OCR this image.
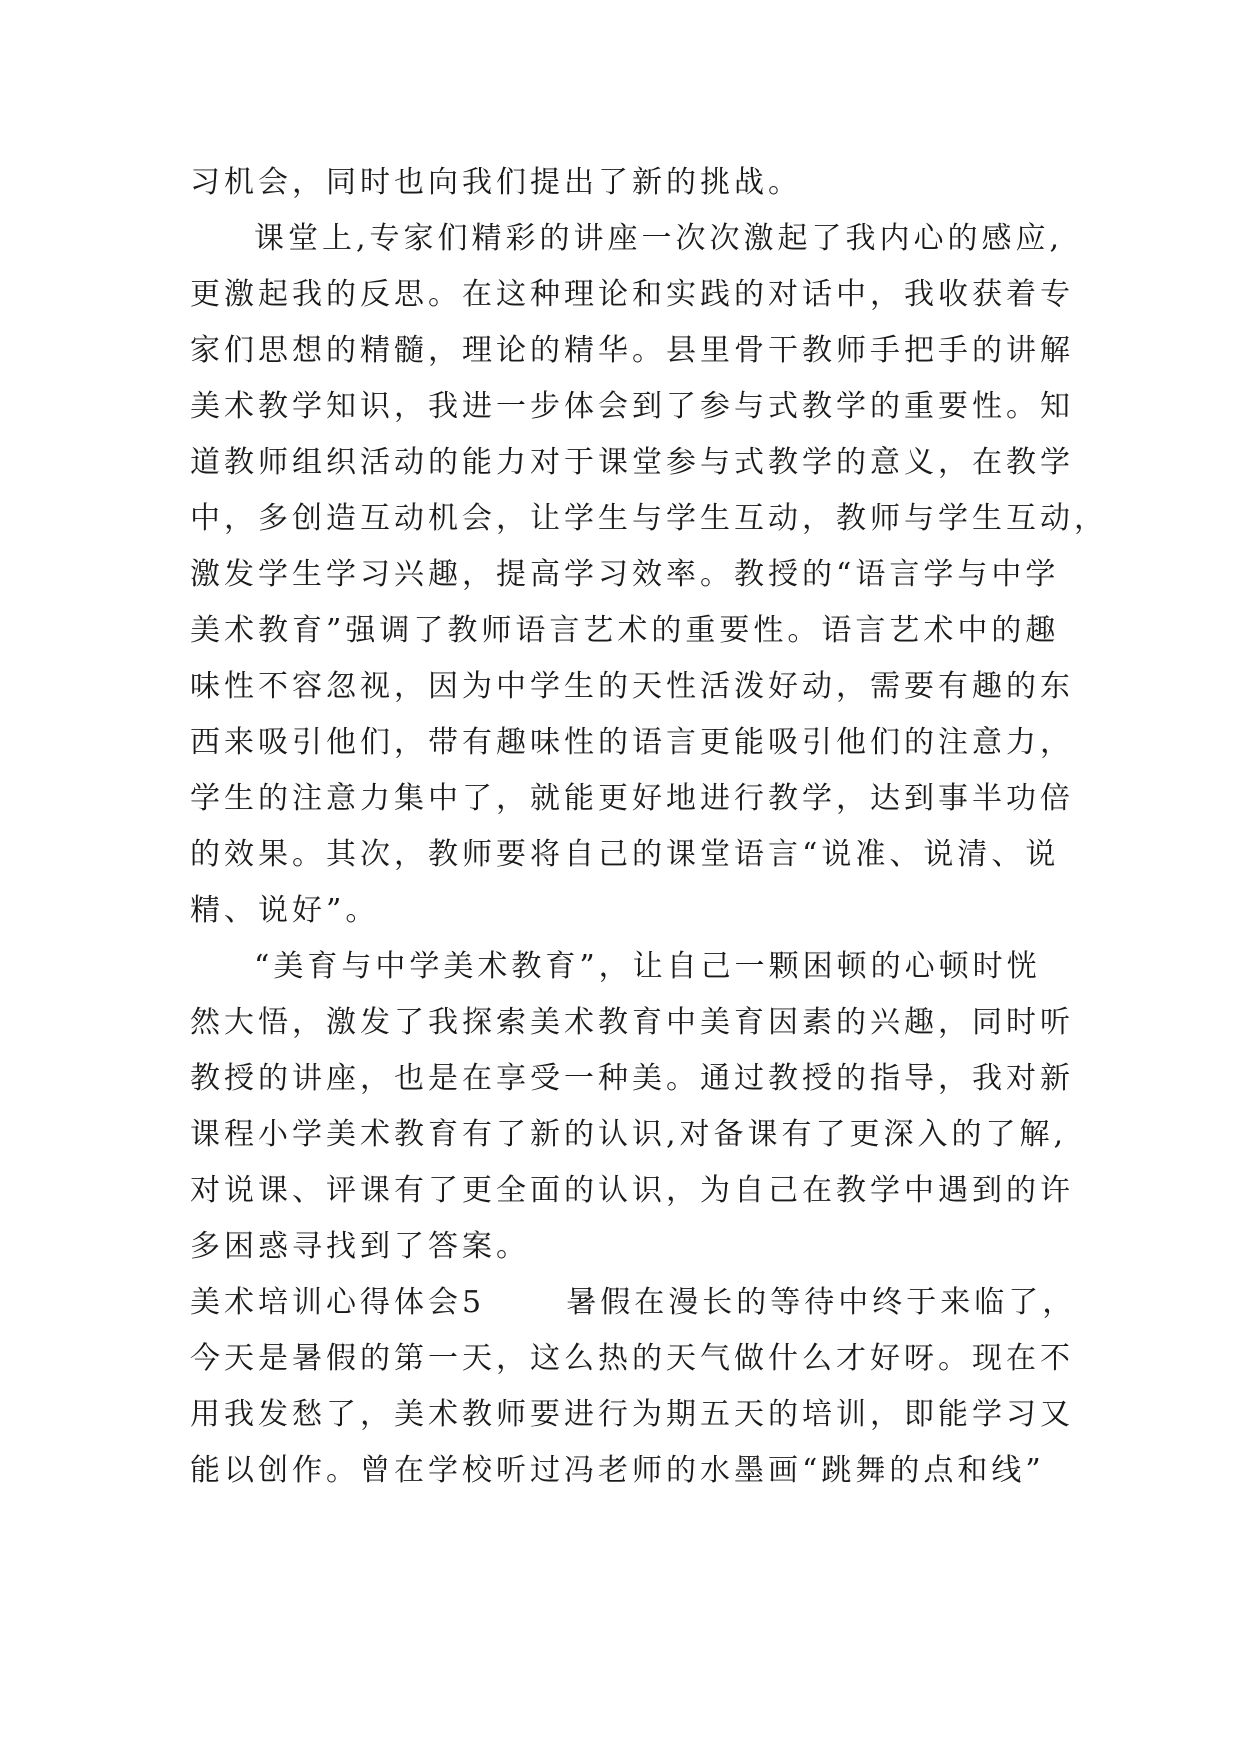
习机会，同时也向我们提出了新的挑战。
课堂上,专家们精彩的讲座一次次激起了我内心的感应,
更激起我的反思。在这种理论和实践的对话中，我收获着专
家们思想的精髓，理论的精华。县里骨干教师手把手的讲解
美术教学知识，我进一步体会到了参与式教学的重要性。知
道教师组织活动的能力对于课堂参与式教学的意义，在教学
中，多创造互动机会，让学生与学生互动，教师与学生互动，
激发学生学习兴趣，提高学习效率。教授的“语言学与中学
美术教育”强调了教师语言艺术的重要性。语言艺术中的趣
味性不容忽视，因为中学生的天性活泼好动，需要有趣的东
西来吸引他们，带有趣味性的语言更能吸引他们的注意力，
学生的注意力集中了，就能更好地进行教学，达到事半功倍
的效果。其次，教师要将自己的课堂语言“说准、说清、说
精、说好”。
“美育与中学美术教育”，让自己一颗困顿的心顿时恍
然大悟，激发了我探索美术教育中美育因素的兴趣，同时听
教授的讲座，也是在享受一种美。通过教授的指导，我对新
课程小学美术教育有了新的认识,对备课有了更深入的了解,
对说课、评课有了更全面的认识，为自己在教学中遇到的许
多困惑寻找到了答案。
美术培训心得体会5      暑假在漫长的等待中终于来临了，
今天是暑假的第一天，这么热的天气做什么才好呀。现在不
用我发愁了，美术教师要进行为期五天的培训，即能学习又
能以创作。曾在学校听过冯老师的水墨画“跳舞的点和线”
